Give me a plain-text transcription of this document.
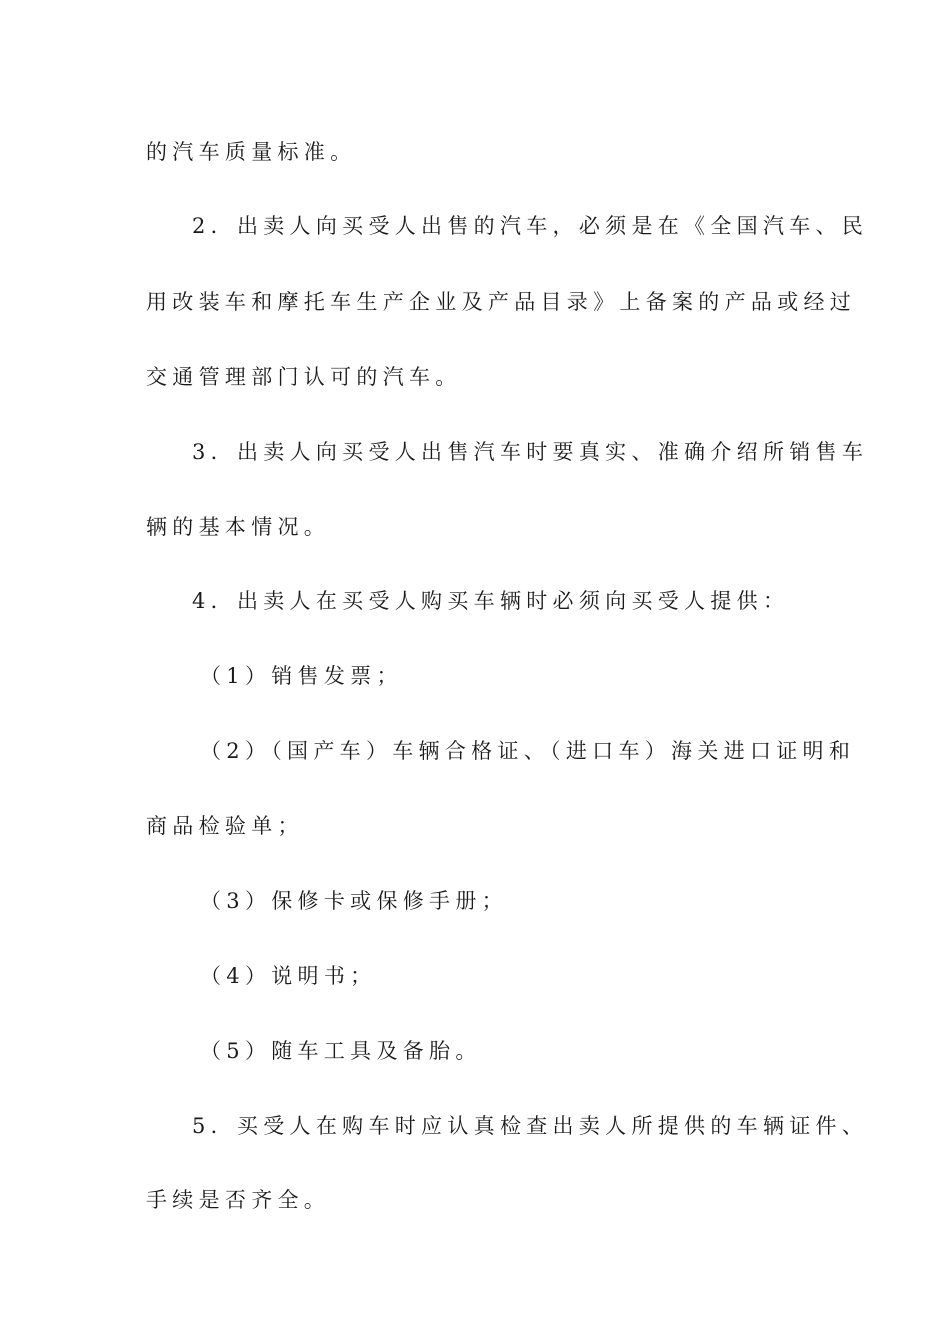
的汽车质量标准。
2．出卖人向买受人出售的汽车，必须是在《全国汽车、民
用改装车和摩托车生产企业及产品目录》上备案的产品或经过
交通管理部门认可的汽车。
3．出卖人向买受人出售汽车时要真实、准确介绍所销售车
辆的基本情况。
4．出卖人在买受人购买车辆时必须向买受人提供：
（1）销售发票；
（2）（国产车）车辆合格证、（进口车）海关进口证明和
商品检验单；
（3）保修卡或保修手册；
（4）说明书；
（5）随车工具及备胎。
5．买受人在购车时应认真检查出卖人所提供的车辆证件、
手续是否齐全。
